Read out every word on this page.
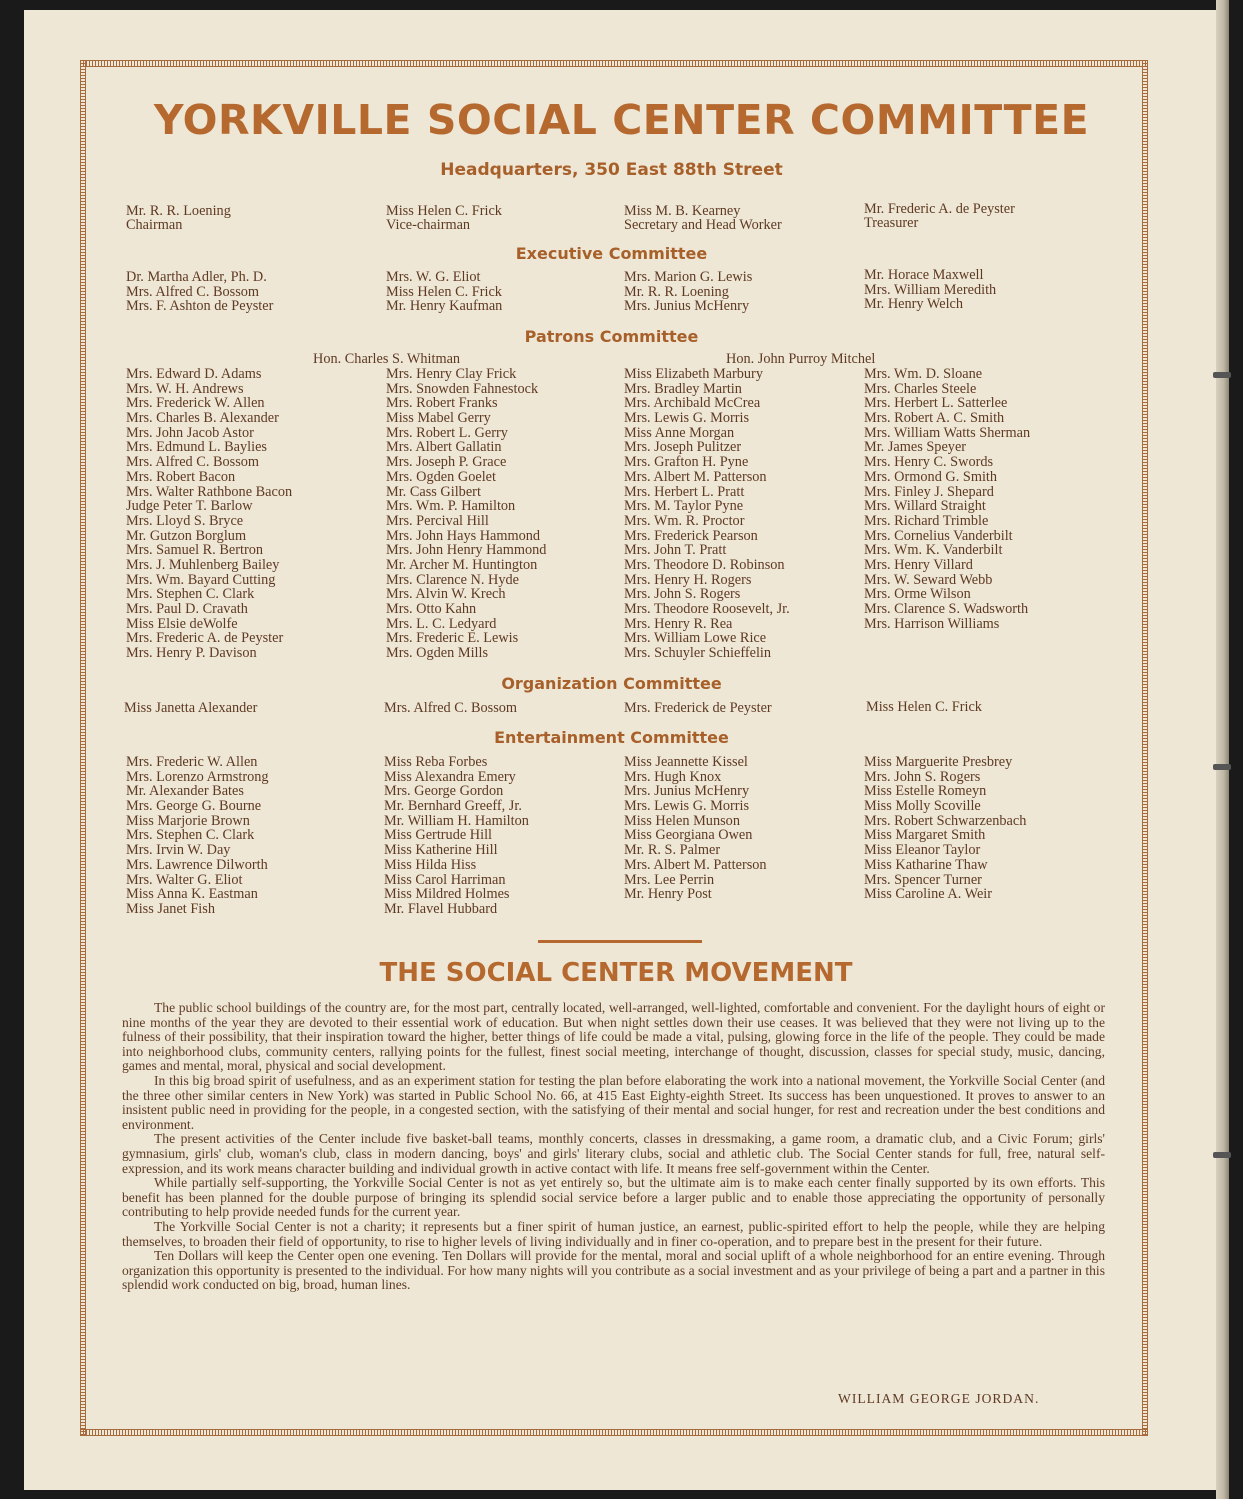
YORKVILLE SOCIAL CENTER COMMITTEE
Headquarters, 350 East 88th Street
Mr. R. R. Loening
Chairman
Miss Helen C. Frick
Vice-chairman
Miss M. B. Kearney
Secretary and Head Worker
Mr. Frederic A. de Peyster
Treasurer
Executive Committee
Dr. Martha Adler, Ph. D.
Mrs. Alfred C. Bossom
Mrs. F. Ashton de Peyster
Mrs. W. G. Eliot
Miss Helen C. Frick
Mr. Henry Kaufman
Mrs. Marion G. Lewis
Mr. R. R. Loening
Mrs. Junius McHenry
Mr. Horace Maxwell
Mrs. William Meredith
Mr. Henry Welch
Patrons Committee
Hon. Charles S. Whitman	Hon. John Purroy Mitchel
Mrs. Edward D. Adams
Mrs. W. H. Andrews
Mrs. Frederick W. Allen
Mrs. Charles B. Alexander
Mrs. John Jacob Astor
Mrs. Edmund L. Baylies
Mrs. Alfred C. Bossom
Mrs. Robert Bacon
Mrs. Walter Rathbone Bacon
Judge Peter T. Barlow
Mrs. Lloyd S. Bryce
Mr. Gutzon Borglum
Mrs. Samuel R. Bertron
Mrs. J. Muhlenberg Bailey
Mrs. Wm. Bayard Cutting
Mrs. Stephen C. Clark
Mrs. Paul D. Cravath
Miss Elsie deWolfe
Mrs. Frederic A. de Peyster
Mrs. Henry P. Davison
Mrs. Henry Clay Frick
Mrs. Snowden Fahnestock
Mrs. Robert Franks
Miss Mabel Gerry
Mrs. Robert L. Gerry
Mrs. Albert Gallatin
Mrs. Joseph P. Grace
Mrs. Ogden Goelet
Mr. Cass Gilbert
Mrs. Wm. P. Hamilton
Mrs. Percival Hill
Mrs. John Hays Hammond
Mrs. John Henry Hammond
Mr. Archer M. Huntington
Mrs. Clarence N. Hyde
Mrs. Alvin W. Krech
Mrs. Otto Kahn
Mrs. L. C. Ledyard
Mrs. Frederic E. Lewis
Mrs. Ogden Mills
Miss Elizabeth Marbury
Mrs. Bradley Martin
Mrs. Archibald McCrea
Mrs. Lewis G. Morris
Miss Anne Morgan
Mrs. Joseph Pulitzer
Mrs. Grafton H. Pyne
Mrs. Albert M. Patterson
Mrs. Herbert L. Pratt
Mrs. M. Taylor Pyne
Mrs. Wm. R. Proctor
Mrs. Frederick Pearson
Mrs. John T. Pratt
Mrs. Theodore D. Robinson
Mrs. Henry H. Rogers
Mrs. John S. Rogers
Mrs. Theodore Roosevelt, Jr.
Mrs. Henry R. Rea
Mrs. William Lowe Rice
Mrs. Schuyler Schieffelin
Mrs. Wm. D. Sloane
Mrs. Charles Steele
Mrs. Herbert L. Satterlee
Mrs. Robert A. C. Smith
Mrs. William Watts Sherman
Mr. James Speyer
Mrs. Henry C. Swords
Mrs. Ormond G. Smith
Mrs. Finley J. Shepard
Mrs. Willard Straight
Mrs. Richard Trimble
Mrs. Cornelius Vanderbilt
Mrs. Wm. K. Vanderbilt
Mrs. Henry Villard
Mrs. W. Seward Webb
Mrs. Orme Wilson
Mrs. Clarence S. Wadsworth
Mrs. Harrison Williams
Organization Committee
Miss Janetta Alexander	Mrs. Alfred C. Bossom	Mrs. Frederick de Peyster	Miss Helen C. Frick
Entertainment Committee
Mrs. Frederic W. Allen
Mrs. Lorenzo Armstrong
Mr. Alexander Bates
Mrs. George G. Bourne
Miss Marjorie Brown
Mrs. Stephen C. Clark
Mrs. Irvin W. Day
Mrs. Lawrence Dilworth
Mrs. Walter G. Eliot
Miss Anna K. Eastman
Miss Janet Fish
Miss Reba Forbes
Miss Alexandra Emery
Mrs. George Gordon
Mr. Bernhard Greeff, Jr.
Mr. William H. Hamilton
Miss Gertrude Hill
Miss Katherine Hill
Miss Hilda Hiss
Miss Carol Harriman
Miss Mildred Holmes
Mr. Flavel Hubbard
Miss Jeannette Kissel
Mrs. Hugh Knox
Mrs. Junius McHenry
Mrs. Lewis G. Morris
Miss Helen Munson
Miss Georgiana Owen
Mr. R. S. Palmer
Mrs. Albert M. Patterson
Mrs. Lee Perrin
Mr. Henry Post
Miss Marguerite Presbrey
Mrs. John S. Rogers
Miss Estelle Romeyn
Miss Molly Scoville
Mrs. Robert Schwarzenbach
Miss Margaret Smith
Miss Eleanor Taylor
Miss Katharine Thaw
Mrs. Spencer Turner
Miss Caroline A. Weir
THE SOCIAL CENTER MOVEMENT

The public school buildings of the country are, for the most part, centrally located, well-arranged, well-lighted, comfortable and convenient. For the daylight hours of eight or nine months of the year they are devoted to their essential work of education. But when night settles down their use ceases. It was believed that they were not living up to the fulness of their possibility, that their inspiration toward the higher, better things of life could be made a vital, pulsing, glowing force in the life of the people. They could be made into neighborhood clubs, community centers, rallying points for the fullest, finest social meeting, interchange of thought, discussion, classes for special study, music, dancing, games and mental, moral, physical and social development.

In this big broad spirit of usefulness, and as an experiment station for testing the plan before elaborating the work into a national movement, the Yorkville Social Center (and the three other similar centers in New York) was started in Public School No. 66, at 415 East Eighty-eighth Street. Its success has been unquestioned. It proves to answer to an insistent public need in providing for the people, in a congested section, with the satisfying of their mental and social hunger, for rest and recreation under the best conditions and environment.

The present activities of the Center include five basket-ball teams, monthly concerts, classes in dressmaking, a game room, a dramatic club, and a Civic Forum; girls' gymnasium, girls' club, woman's club, class in modern dancing, boys' and girls' literary clubs, social and athletic club. The Social Center stands for full, free, natural self-expression, and its work means character building and individual growth in active contact with life. It means free self-government within the Center.

While partially self-supporting, the Yorkville Social Center is not as yet entirely so, but the ultimate aim is to make each center finally supported by its own efforts. This benefit has been planned for the double purpose of bringing its splendid social service before a larger public and to enable those appreciating the opportunity of personally contributing to help provide needed funds for the current year.

The Yorkville Social Center is not a charity; it represents but a finer spirit of human justice, an earnest, public-spirited effort to help the people, while they are helping themselves, to broaden their field of opportunity, to rise to higher levels of living individually and in finer co-operation, and to prepare best in the present for their future.

Ten Dollars will keep the Center open one evening. Ten Dollars will provide for the mental, moral and social uplift of a whole neighborhood for an entire evening. Through organization this opportunity is presented to the individual. For how many nights will you contribute as a social investment and as your privilege of being a part and a partner in this splendid work conducted on big, broad, human lines.

WILLIAM GEORGE JORDAN.
